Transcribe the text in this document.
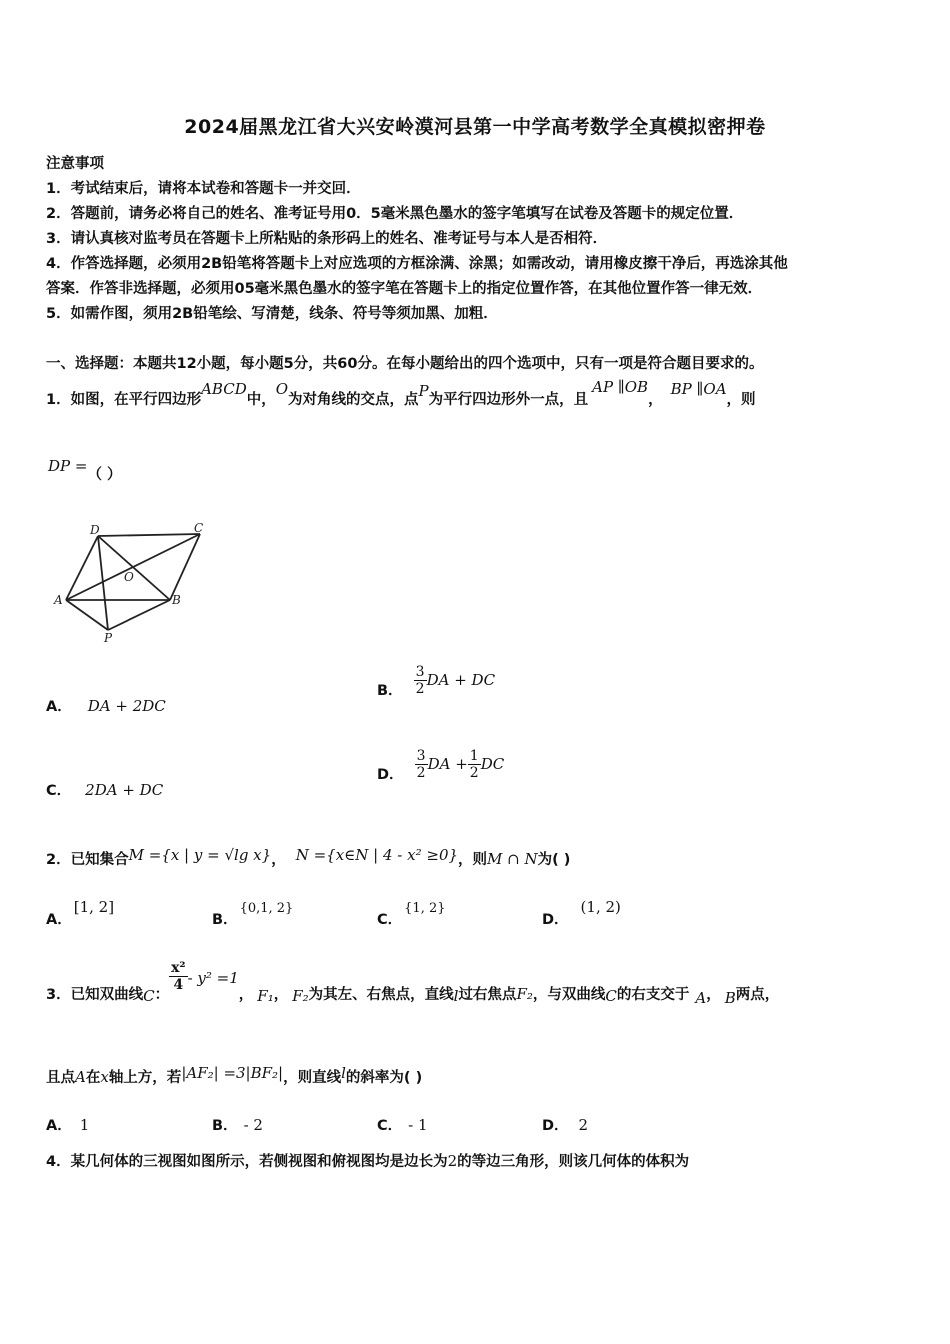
2024届黑龙江省大兴安岭漠河县第一中学高考数学全真模拟密押卷
注意事项
1．考试结束后，请将本试卷和答题卡一并交回．
2．答题前，请务必将自己的姓名、准考证号用0．5毫米黑色墨水的签字笔填写在试卷及答题卡的规定位置．
3．请认真核对监考员在答题卡上所粘贴的条形码上的姓名、准考证号与本人是否相符．
4．作答选择题，必须用2B铅笔将答题卡上对应选项的方框涂满、涂黑；如需改动，请用橡皮擦干净后，再选涂其他
答案．作答非选择题，必须用05毫米黑色墨水的签字笔在答题卡上的指定位置作答，在其他位置作答一律无效．
5．如需作图，须用2B铅笔绘、写清楚，线条、符号等须加黑、加粗．
一、选择题：本题共12小题，每小题5分，共60分。在每小题给出的四个选项中，只有一项是符合题目要求的。
1．如图，在平行四边形ABCD中，O为对角线的交点，点P为平行四边形外一点，且AP ∥OB，BP ∥OA，则
DP =（ ）
D	C
O
A	B
P
A． DA + 2DC
B． $\frac{3}{2}$ DA + DC
C． 2DA + DC
D． $\frac{3}{2}$ DA + $\frac{1}{2}$ DC
2．已知集合M ={x | y = √lg x}， N ={x∈N | 4 - x² ≥0}，则M ∩ N为( )
A．[1, 2]
B．{0,1, 2}
C．{1, 2}
D．(1, 2)
3．已知双曲线C：
$\frac{\text{x²}}{4} - y^2 =1$， F₁， F₂为其左、右焦点，直线l过右焦点F₂，与双曲线C的右支交于 A， B两点，
且点A在x轴上方，若|AF₂| =3|BF₂|，则直线l的斜率为( )
A． 1	B． - 2	C． - 1	D． 2
4．某几何体的三视图如图所示，若侧视图和俯视图均是边长为2的等边三角形，则该几何体的体积为
